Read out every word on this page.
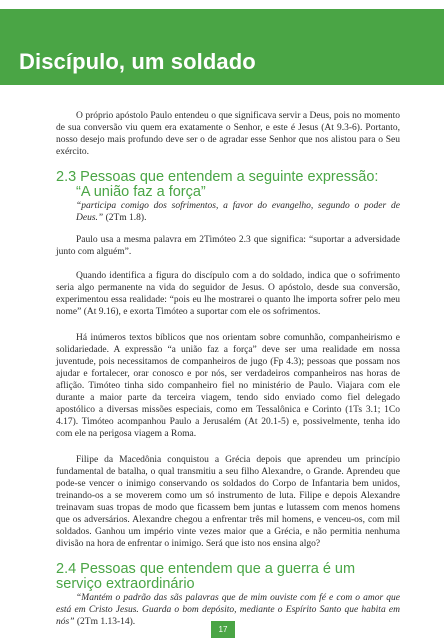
Discípulo, um soldado

O próprio apóstolo Paulo entendeu o que significava servir a Deus, pois no momento de sua conversão viu quem era exatamente o Senhor, e este é Jesus (At 9.3-6). Portanto, nosso desejo mais profundo deve ser o de agradar esse Senhor que nos alistou para o Seu exército.

2.3 Pessoas que entendem a seguinte expressão:
“A união faz a força”
“participa comigo dos sofrimentos, a favor do evangelho, segundo o poder de Deus.” (2Tm 1.8).

Paulo usa a mesma palavra em 2Timóteo 2.3 que significa: “suportar a adversidade junto com alguém”.

Quando identifica a figura do discípulo com a do soldado, indica que o sofrimento seria algo permanente na vida do seguidor de Jesus. O apóstolo, desde sua conversão, experimentou essa realidade: “pois eu lhe mostrarei o quanto lhe importa sofrer pelo meu nome” (At 9.16), e exorta Timóteo a suportar com ele os sofrimentos.

Há inúmeros textos bíblicos que nos orientam sobre comunhão, companheirismo e solidariedade. A expressão “a união faz a força” deve ser uma realidade em nossa juventude, pois necessitamos de companheiros de jugo (Fp 4.3); pessoas que possam nos ajudar e fortalecer, orar conosco e por nós, ser verdadeiros companheiros nas horas de aflição. Timóteo tinha sido companheiro fiel no ministério de Paulo. Viajara com ele durante a maior parte da terceira viagem, tendo sido enviado como fiel delegado apostólico a diversas missões especiais, como em Tessalônica e Corinto (1Ts 3.1; 1Co 4.17). Timóteo acompanhou Paulo a Jerusalém (At 20.1-5) e, possivelmente, tenha ido com ele na perigosa viagem a Roma.

Filipe da Macedônia conquistou a Grécia depois que aprendeu um princípio fundamental de batalha, o qual transmitiu a seu filho Alexandre, o Grande. Aprendeu que pode-se vencer o inimigo conservando os soldados do Corpo de Infantaria bem unidos, treinando-os a se moverem como um só instrumento de luta. Filipe e depois Alexandre treinavam suas tropas de modo que ficassem bem juntas e lutassem com menos homens que os adversários. Alexandre chegou a enfrentar três mil homens, e venceu-os, com mil soldados. Ganhou um império vinte vezes maior que a Grécia, e não permitia nenhuma divisão na hora de enfrentar o inimigo. Será que isto nos ensina algo?

2.4 Pessoas que entendem que a guerra é um serviço extraordinário
“Mantém o padrão das sãs palavras que de mim ouviste com fé e com o amor que está em Cristo Jesus. Guarda o bom depósito, mediante o Espírito Santo que habita em nós” (2Tm 1.13-14).
17
